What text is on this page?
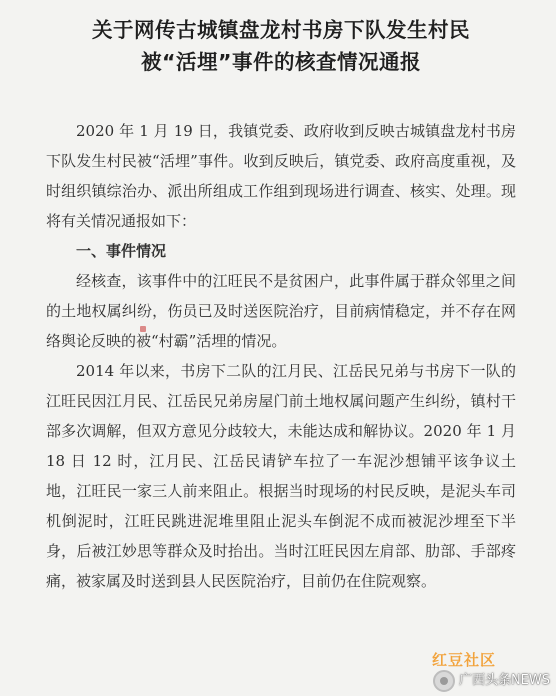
关于网传古城镇盘龙村书房下队发生村民
被“活埋”事件的核查情况通报

2020 年 1 月 19 日，我镇党委、政府收到反映古城镇盘龙村书房下队发生村民被“活埋”事件。收到反映后，镇党委、政府高度重视，及时组织镇综治办、派出所组成工作组到现场进行调查、核实、处理。现将有关情况通报如下：

一、事件情况

经核查，该事件中的江旺民不是贫困户，此事件属于群众邻里之间的土地权属纠纷，伤员已及时送医院治疗，目前病情稳定，并不存在网络舆论反映的被“村霸”活埋的情况。

2014 年以来，书房下二队的江月民、江岳民兄弟与书房下一队的江旺民因江月民、江岳民兄弟房屋门前土地权属问题产生纠纷，镇村干部多次调解，但双方意见分歧较大，未能达成和解协议。2020 年 1 月 18 日 12 时，江月民、江岳民请铲车拉了一车泥沙想铺平该争议土地，江旺民一家三人前来阻止。根据当时现场的村民反映，是泥头车司机倒泥时，江旺民跳进泥堆里阻止泥头车倒泥不成而被泥沙埋至下半身，后被江妙思等群众及时抬出。当时江旺民因左肩部、肋部、手部疼痛，被家属及时送到县人民医院治疗，目前仍在住院观察。

红豆社区
广西头条NEWS
